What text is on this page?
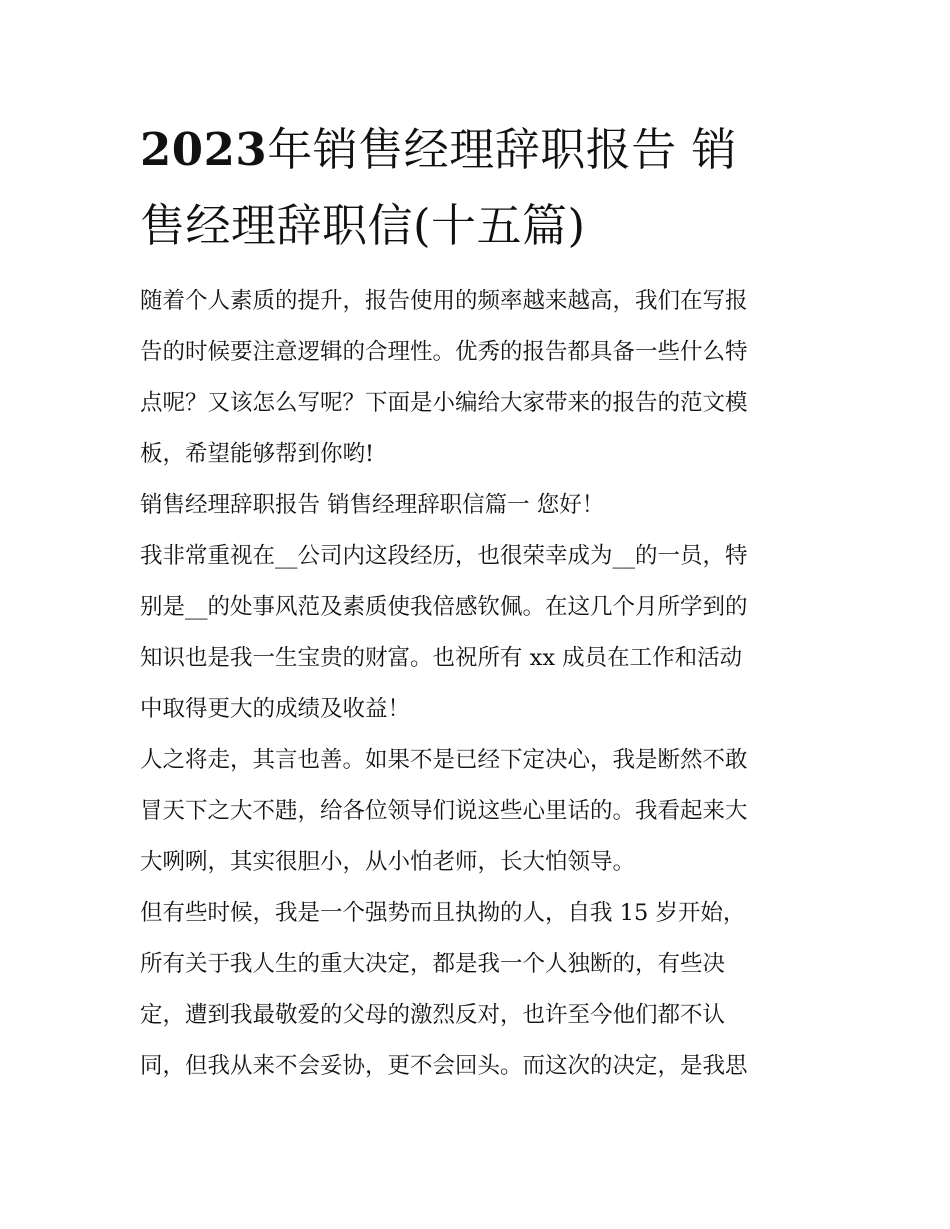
2023年销售经理辞职报告 销
售经理辞职信(十五篇)
随着个人素质的提升，报告使用的频率越来越高，我们在写报
告的时候要注意逻辑的合理性。优秀的报告都具备一些什么特
点呢？又该怎么写呢？下面是小编给大家带来的报告的范文模
板，希望能够帮到你哟!
销售经理辞职报告 销售经理辞职信篇一 您好！
我非常重视在__公司内这段经历，也很荣幸成为__的一员，特
别是__的处事风范及素质使我倍感钦佩。在这几个月所学到的
知识也是我一生宝贵的财富。也祝所有 xx 成员在工作和活动
中取得更大的成绩及收益！
人之将走，其言也善。如果不是已经下定决心，我是断然不敢
冒天下之大不韪，给各位领导们说这些心里话的。我看起来大
大咧咧，其实很胆小，从小怕老师，长大怕领导。
但有些时候，我是一个强势而且执拗的人，自我 15 岁开始，
所有关于我人生的重大决定，都是我一个人独断的，有些决
定，遭到我最敬爱的父母的激烈反对，也许至今他们都不认
同，但我从来不会妥协，更不会回头。而这次的决定，是我思
